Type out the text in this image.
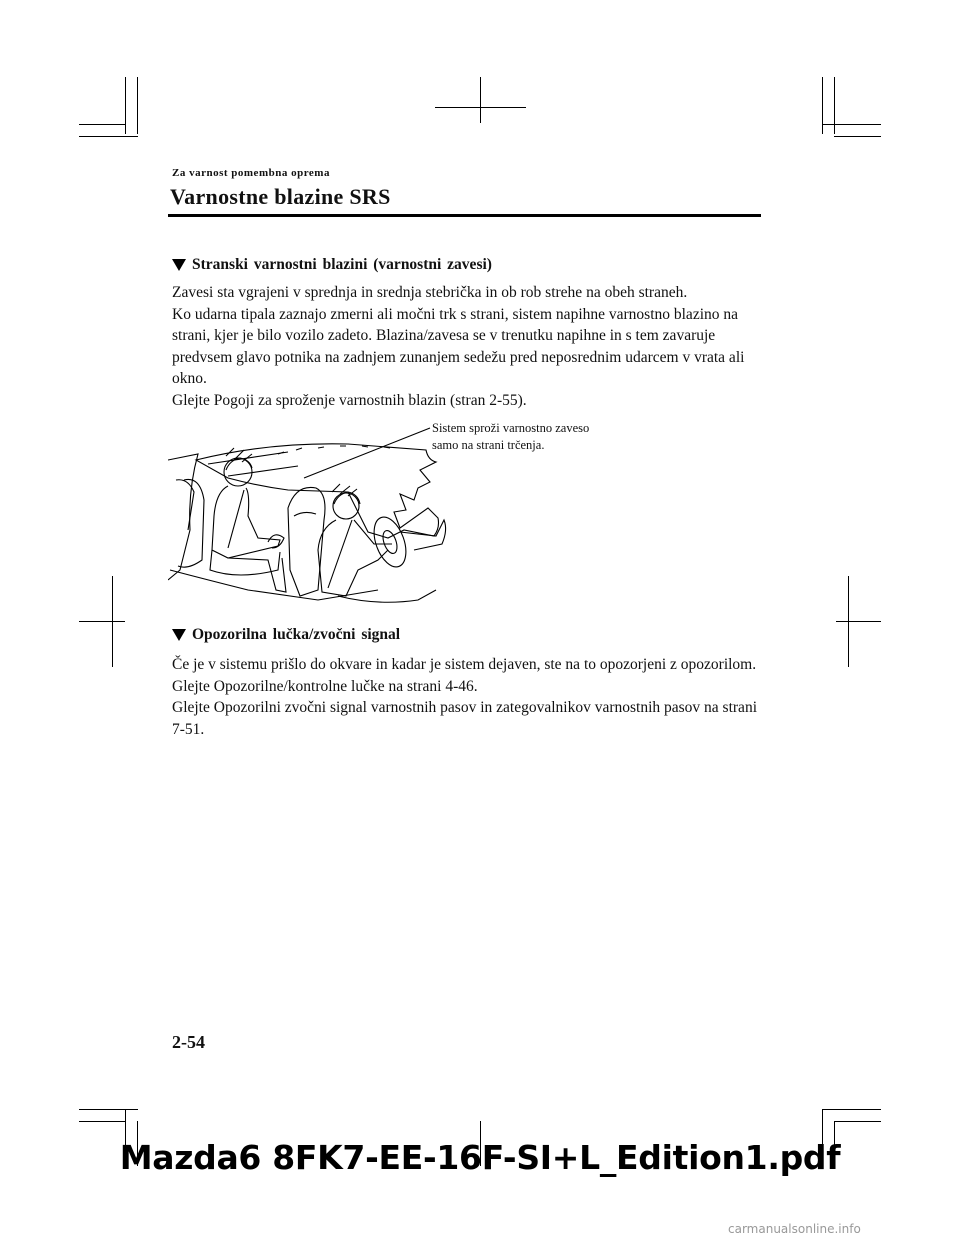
Za varnost pomembna oprema
Varnostne blazine SRS
Stranski varnostni blazini (varnostni zavesi)

Zavesi sta vgrajeni v sprednja in srednja stebrička in ob rob strehe na obeh straneh.

Ko udarna tipala zaznajo zmerni ali močni trk s strani, sistem napihne varnostno blazino na strani, kjer je bilo vozilo zadeto. Blazina/zavesa se v trenutku napihne in s tem zavaruje predvsem glavo potnika na zadnjem zunanjem sedežu pred neposrednim udarcem v vrata ali okno.

Glejte Pogoji za sproženje varnostnih blazin (stran 2-55).

Sistem sproži varnostno zaveso

samo na strani trčenja.

Opozorilna lučka/zvočni signal

Če je v sistemu prišlo do okvare in kadar je sistem dejaven, ste na to opozorjeni z opozorilom.

Glejte Opozorilne/kontrolne lučke na strani 4-46.

Glejte Opozorilni zvočni signal varnostnih pasov in zategovalnikov varnostnih pasov na strani 7-51.

2-54
Mazda6 8FK7-EE-16F-SI+L_Edition1.pdf
carmanualsonline.info
